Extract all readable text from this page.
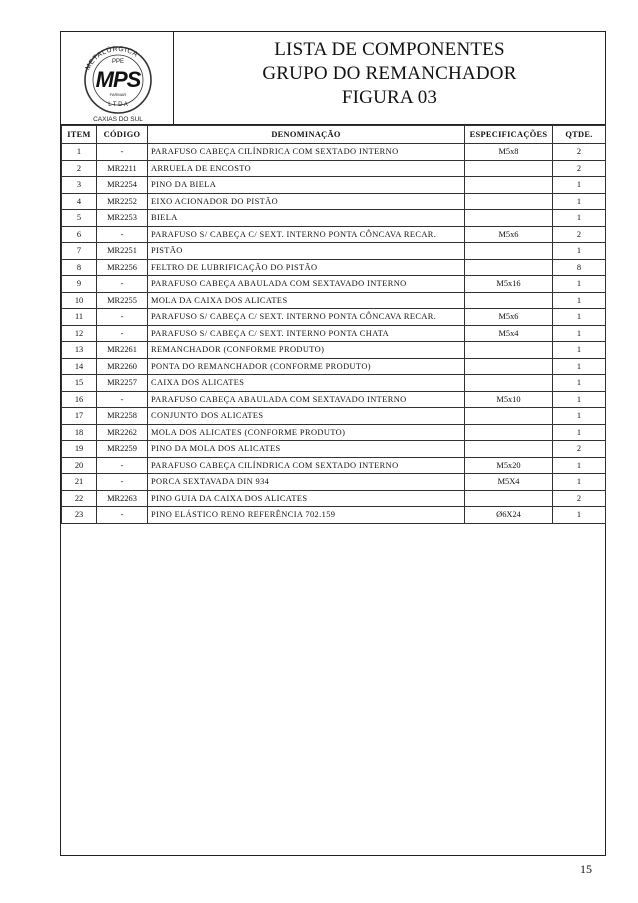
METALÚRGICA
PPE
MPS
FARMAR
L T D A
CAXIAS DO SUL
LISTA DE COMPONENTES
GRUPO DO REMANCHADOR
FIGURA 03
ITEM	CÓDIGO	DENOMINAÇÃO	ESPECIFICAÇÕES	QTDE.
1	-	PARAFUSO CABEÇA CILÍNDRICA COM SEXTADO INTERNO	M5x8	2
2	MR2211	ARRUELA DE ENCOSTO		2
3	MR2254	PINO DA BIELA		1
4	MR2252	EIXO ACIONADOR DO PISTÃO		1
5	MR2253	BIELA		1
6	-	PARAFUSO S/ CABEÇA C/ SEXT. INTERNO PONTA CÔNCAVA RECAR.	M5x6	2
7	MR2251	PISTÃO		1
8	MR2256	FELTRO DE LUBRIFICAÇÃO DO PISTÃO		8
9	-	PARAFUSO CABEÇA ABAULADA COM SEXTAVADO INTERNO	M5x16	1
10	MR2255	MOLA DA CAIXA DOS ALICATES		1
11	-	PARAFUSO S/ CABEÇA C/ SEXT. INTERNO PONTA CÔNCAVA RECAR.	M5x6	1
12	-	PARAFUSO S/ CABEÇA C/ SEXT. INTERNO PONTA CHATA	M5x4	1
13	MR2261	REMANCHADOR (CONFORME PRODUTO)		1
14	MR2260	PONTA DO REMANCHADOR (CONFORME PRODUTO)		1
15	MR2257	CAIXA DOS ALICATES		1
16	-	PARAFUSO CABEÇA ABAULADA COM SEXTAVADO INTERNO	M5x10	1
17	MR2258	CONJUNTO DOS ALICATES		1
18	MR2262	MOLA DOS ALICATES (CONFORME PRODUTO)		1
19	MR2259	PINO DA MOLA DOS ALICATES		2
20	-	PARAFUSO CABEÇA CILÍNDRICA COM SEXTADO INTERNO	M5x20	1
21	-	PORCA SEXTAVADA DIN 934	M5X4	1
22	MR2263	PINO GUIA DA CAIXA DOS ALICATES		2
23	-	PINO ELÁSTICO RENO REFERÊNCIA 702.159	Ø6X24	1
15
